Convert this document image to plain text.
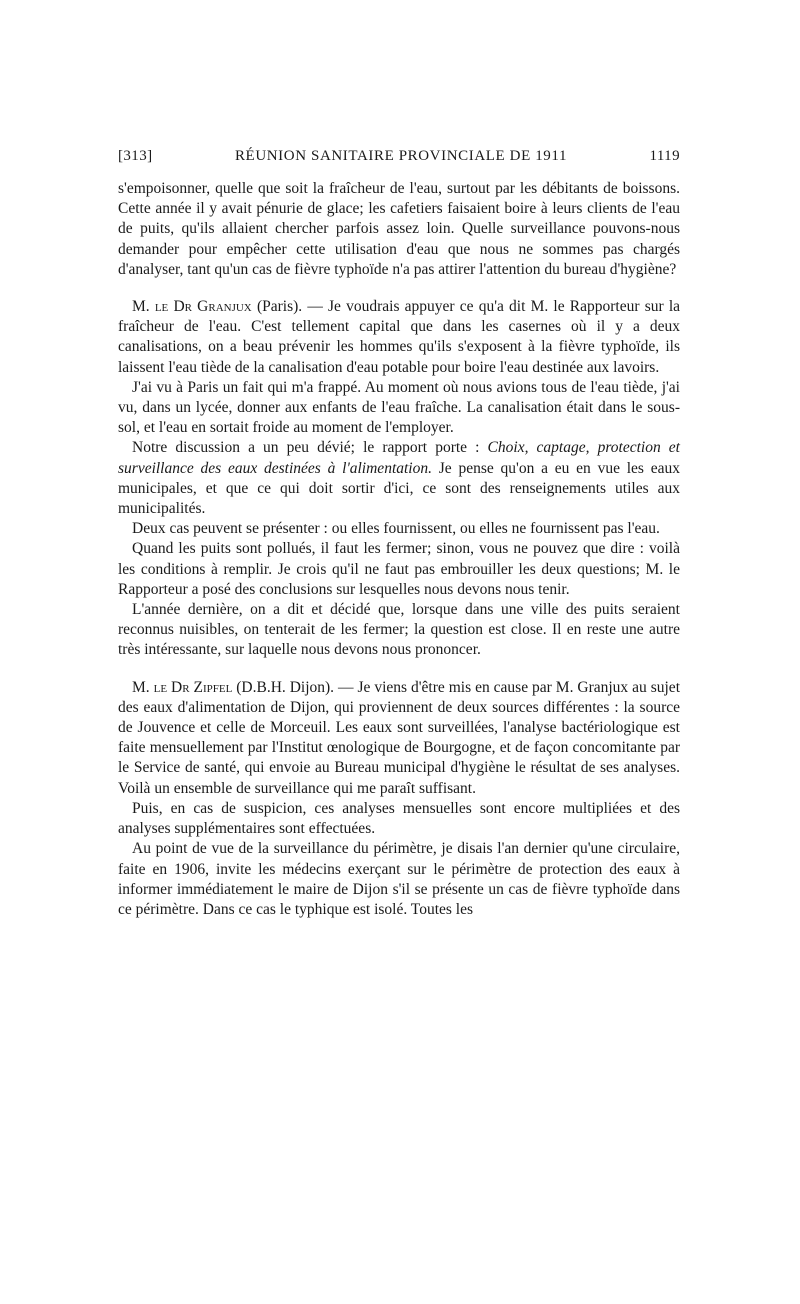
[313]	RÉUNION SANITAIRE PROVINCIALE DE 1911	1119

s'empoisonner, quelle que soit la fraîcheur de l'eau, surtout par les débitants de boissons. Cette année il y avait pénurie de glace; les cafetiers faisaient boire à leurs clients de l'eau de puits, qu'ils allaient chercher parfois assez loin. Quelle surveillance pouvons-nous demander pour empêcher cette utilisation d'eau que nous ne sommes pas chargés d'analyser, tant qu'un cas de fièvre typhoïde n'a pas attirer l'attention du bureau d'hygiène?

M. le Dr Granjux (Paris). — Je voudrais appuyer ce qu'a dit M. le Rapporteur sur la fraîcheur de l'eau. C'est tellement capital que dans les casernes où il y a deux canalisations, on a beau prévenir les hommes qu'ils s'exposent à la fièvre typhoïde, ils laissent l'eau tiède de la canalisation d'eau potable pour boire l'eau destinée aux lavoirs.

J'ai vu à Paris un fait qui m'a frappé. Au moment où nous avions tous de l'eau tiède, j'ai vu, dans un lycée, donner aux enfants de l'eau fraîche. La canalisation était dans le sous-sol, et l'eau en sortait froide au moment de l'employer.

Notre discussion a un peu dévié; le rapport porte : Choix, captage, protection et surveillance des eaux destinées à l'alimentation. Je pense qu'on a eu en vue les eaux municipales, et que ce qui doit sortir d'ici, ce sont des renseignements utiles aux municipalités.

Deux cas peuvent se présenter : ou elles fournissent, ou elles ne fournissent pas l'eau.

Quand les puits sont pollués, il faut les fermer; sinon, vous ne pouvez que dire : voilà les conditions à remplir. Je crois qu'il ne faut pas embrouiller les deux questions; M. le Rapporteur a posé des conclusions sur lesquelles nous devons nous tenir.

L'année dernière, on a dit et décidé que, lorsque dans une ville des puits seraient reconnus nuisibles, on tenterait de les fermer; la question est close. Il en reste une autre très intéressante, sur laquelle nous devons nous prononcer.

M. le Dr Zipfel (D.B.H. Dijon). — Je viens d'être mis en cause par M. Granjux au sujet des eaux d'alimentation de Dijon, qui proviennent de deux sources différentes : la source de Jouvence et celle de Morceuil. Les eaux sont surveillées, l'analyse bactériologique est faite mensuellement par l'Institut œnologique de Bourgogne, et de façon concomitante par le Service de santé, qui envoie au Bureau municipal d'hygiène le résultat de ses analyses. Voilà un ensemble de surveillance qui me paraît suffisant.

Puis, en cas de suspicion, ces analyses mensuelles sont encore multipliées et des analyses supplémentaires sont effectuées.

Au point de vue de la surveillance du périmètre, je disais l'an dernier qu'une circulaire, faite en 1906, invite les médecins exerçant sur le périmètre de protection des eaux à informer immédiatement le maire de Dijon s'il se présente un cas de fièvre typhoïde dans ce périmètre. Dans ce cas le typhique est isolé. Toutes les
